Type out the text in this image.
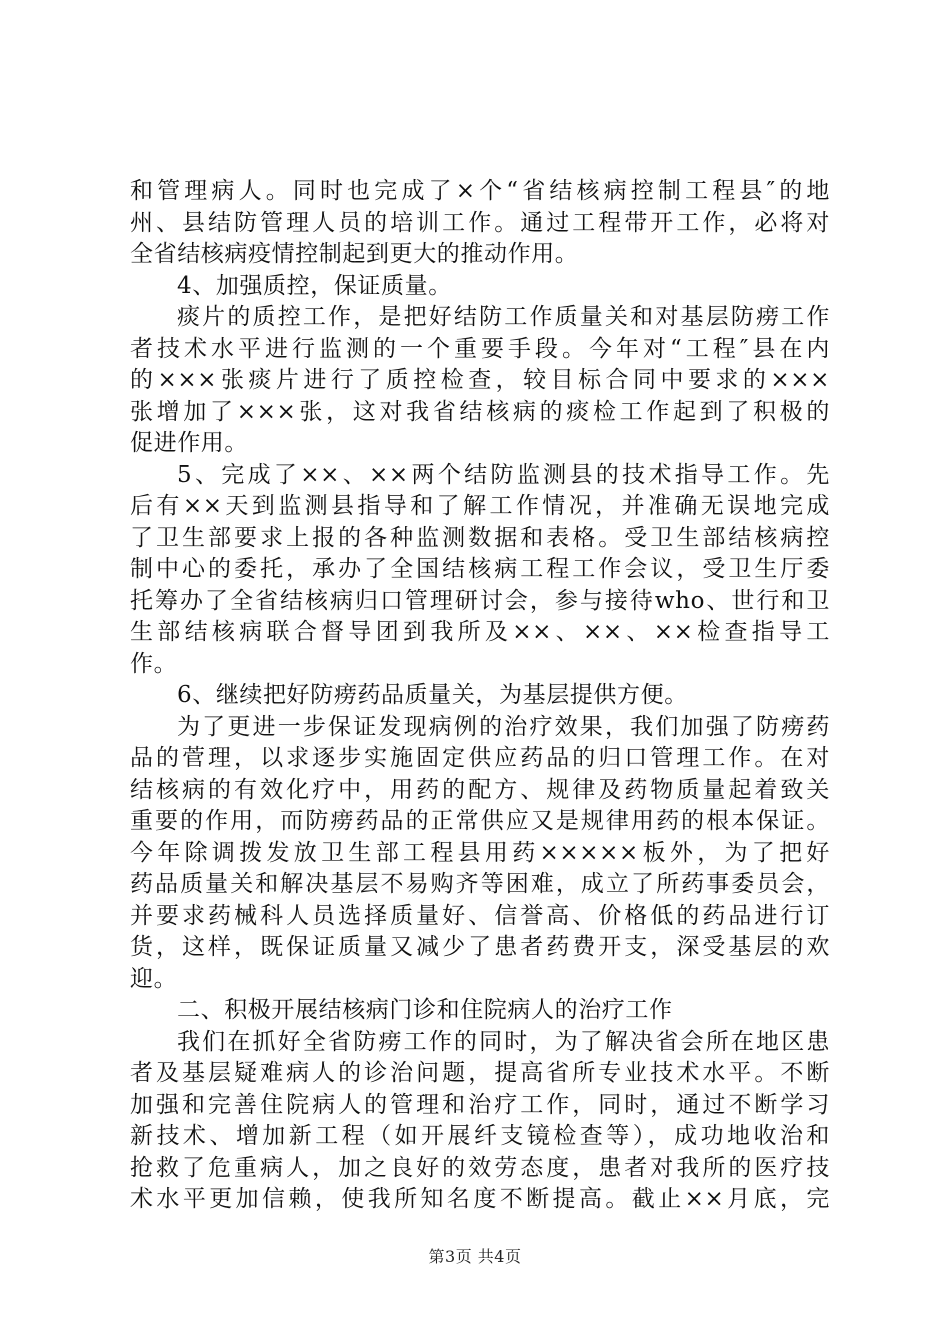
和管理病人。同时也完成了×个“省结核病控制工程县″的地
州、县结防管理人员的培训工作。通过工程带开工作，必将对
全省结核病疫情控制起到更大的推动作用。
4、加强质控，保证质量。
痰片的质控工作，是把好结防工作质量关和对基层防痨工作
者技术水平进行监测的一个重要手段。今年对“工程″县在内
的×××张痰片进行了质控检查，较目标合同中要求的×××
张增加了×××张，这对我省结核病的痰检工作起到了积极的
促进作用。
5、完成了××、××两个结防监测县的技术指导工作。先
后有××天到监测县指导和了解工作情况，并准确无误地完成
了卫生部要求上报的各种监测数据和表格。受卫生部结核病控
制中心的委托，承办了全国结核病工程工作会议，受卫生厅委
托筹办了全省结核病归口管理研讨会，参与接待who、世行和卫
生部结核病联合督导团到我所及××、××、××检查指导工
作。
6、继续把好防痨药品质量关，为基层提供方便。
为了更进一步保证发现病例的治疗效果，我们加强了防痨药
品的菅理，以求逐步实施固定供应药品的归口管理工作。在对
结核病的有效化疗中，用药的配方、规律及药物质量起着致关
重要的作用，而防痨药品的正常供应又是规律用药的根本保证。
今年除调拨发放卫生部工程县用药×××××板外，为了把好
药品质量关和解决基层不易购齐等困难，成立了所药事委员会，
并要求药械科人员选择质量好、信誉高、价格低的药品进行订
货，这样，既保证质量又减少了患者药费开支，深受基层的欢
迎。
二、积极开展结核病门诊和住院病人的治疗工作
我们在抓好全省防痨工作的同时，为了解决省会所在地区患
者及基层疑难病人的诊治问题，提高省所专业技术水平。不断
加强和完善住院病人的管理和治疗工作，同时，通过不断学习
新技术、增加新工程（如开展纤支镜检查等），成功地收治和
抢救了危重病人，加之良好的效劳态度，患者对我所的医疗技
术水平更加信赖，使我所知名度不断提高。截止××月底，完
第3页 共4页
